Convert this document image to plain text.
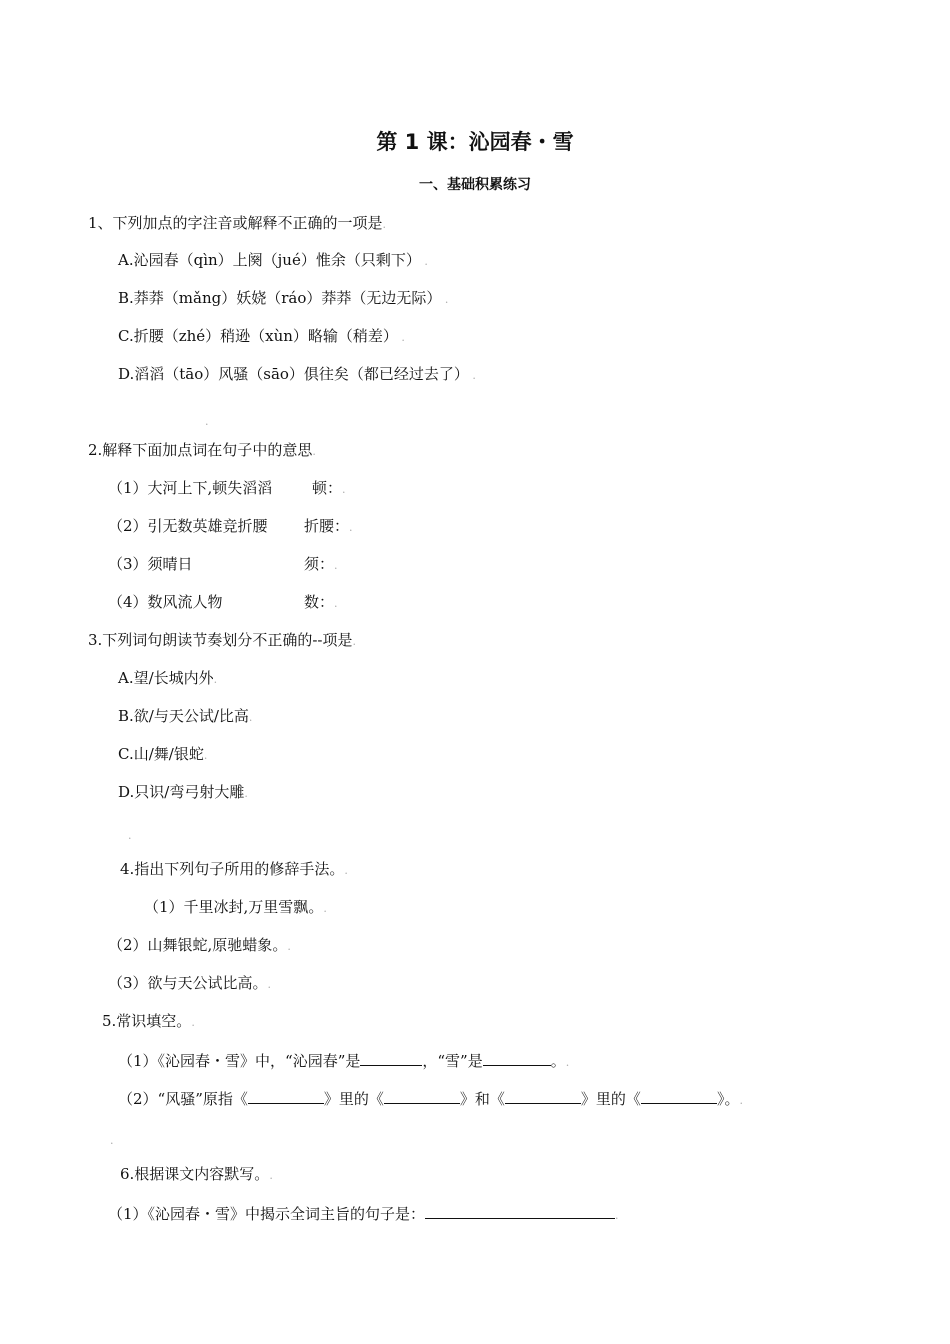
第 1 课：沁园春・雪
一、基础积累练习
1、下列加点的字注音或解释不正确的一项是.
A.沁园春（qìn）上阕（jué）惟余（只剩下） .
B.莽莽（mǎng）妖娆（ráo）莽莽（无边无际） .
C.折腰（zhé）稍逊（xùn）略输（稍差） .
D.滔滔（tāo）风骚（sāo）俱往矣（都已经过去了） .
.
2.解释下面加点词在句子中的意思.
（1）大河上下,顿失滔滔	顿：.
（2）引无数英雄竞折腰 折腰：.
（3）须晴日	须：.
（4）数风流人物	数：.
3.下列词句朗读节奏划分不正确的--项是.
A.望/长城内外.
B.欲/与天公试/比高.
C.山/舞/银蛇.
D.只识/弯弓射大雕.
.
4.指出下列句子所用的修辞手法。.
（1）千里冰封,万里雪飘。.
（2）山舞银蛇,原驰蜡象。.
（3）欲与天公试比高。.
5.常识填空。.
（1）《沁园春・雪》中，“沁园春”是	，“雪”是	。.
（2）“风骚”原指《	》里的《	》和《	》里的《	》。.
.
6.根据课文内容默写。.
（1）《沁园春・雪》中揭示全词主旨的句子是：	.
